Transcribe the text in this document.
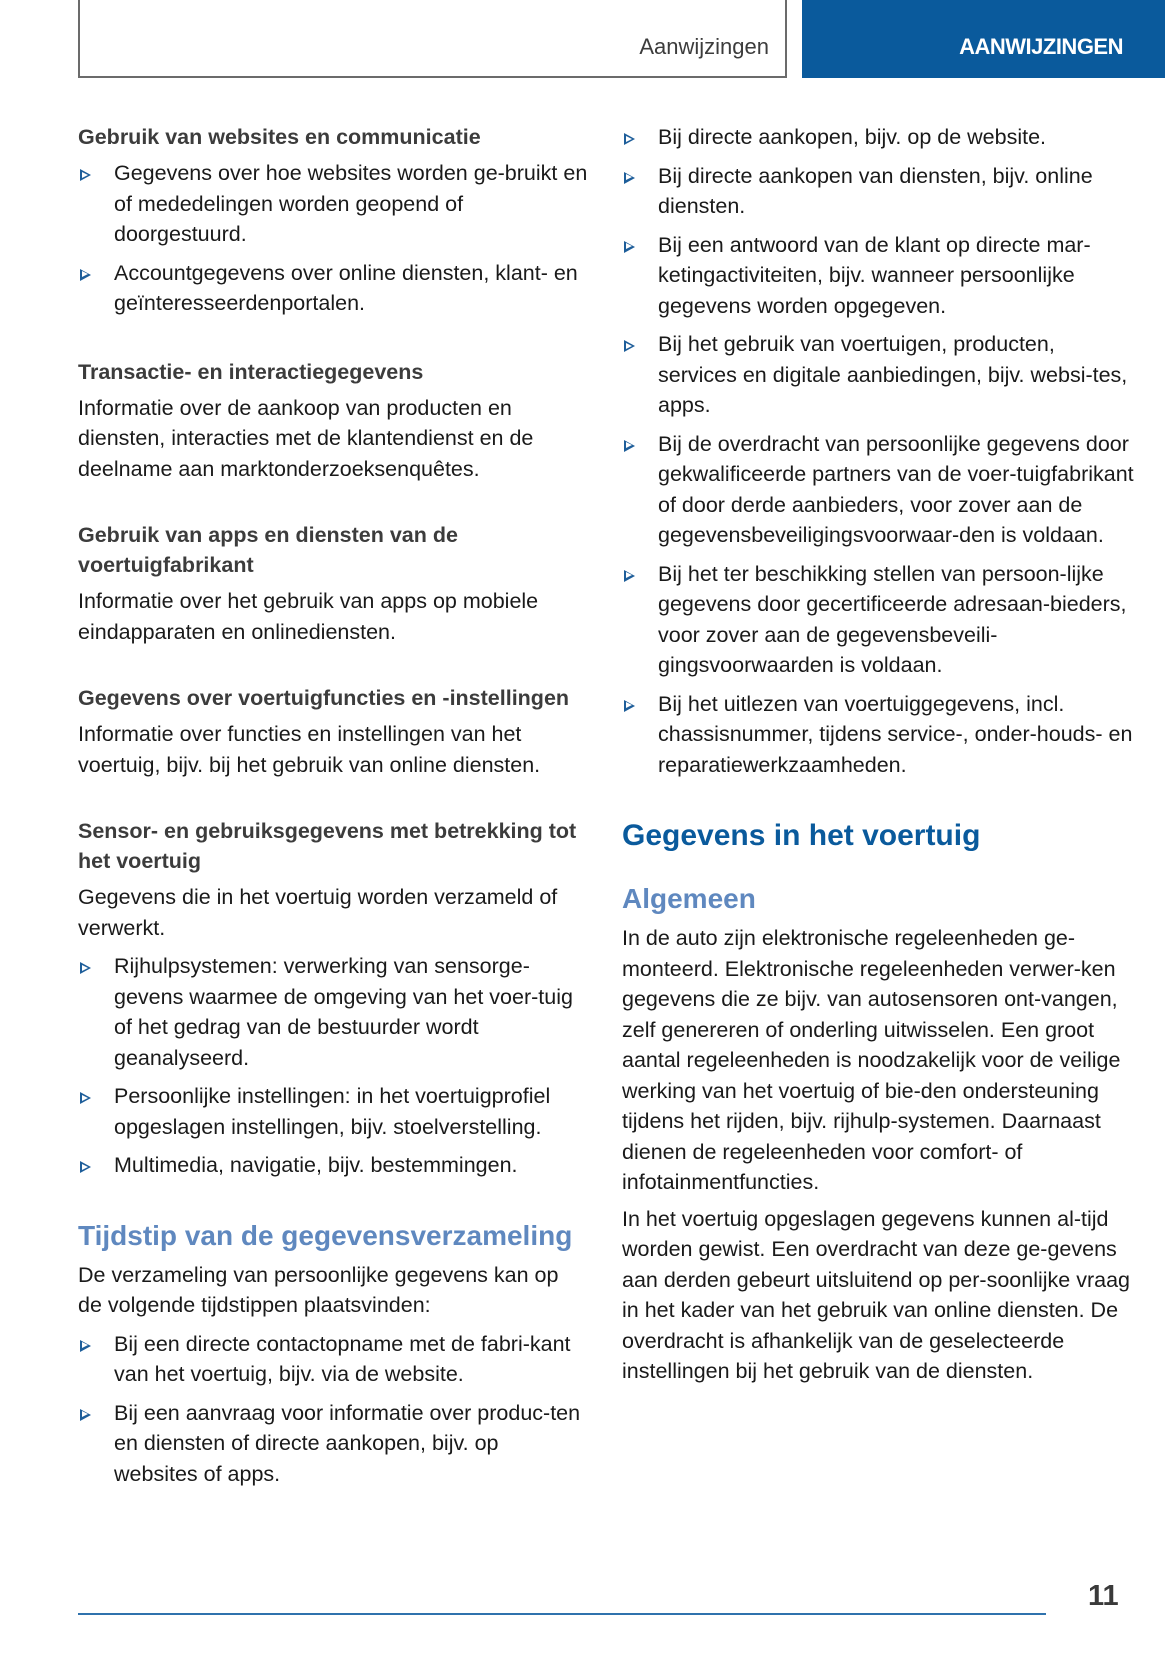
Aanwijzingen	AANWIJZINGEN
Gebruik van websites en communicatie
Gegevens over hoe websites worden ge-bruikt en of mededelingen worden geopend of doorgestuurd.
Accountgegevens over online diensten, klant- en geïnteresseerdenportalen.
Transactie- en interactiegegevens

Informatie over de aankoop van producten en diensten, interacties met de klantendienst en de deelname aan marktonderzoeksenquêtes.

Gebruik van apps en diensten van de voertuigfabrikant

Informatie over het gebruik van apps op mobiele eindapparaten en onlinediensten.

Gegevens over voertuigfuncties en -instellingen

Informatie over functies en instellingen van het voertuig, bijv. bij het gebruik van online diensten.

Sensor- en gebruiksgegevens met betrekking tot het voertuig

Gegevens die in het voertuig worden verzameld of verwerkt.

Rijhulpsystemen: verwerking van sensorge-gevens waarmee de omgeving van het voer-tuig of het gedrag van de bestuurder wordt geanalyseerd.
Persoonlijke instellingen: in het voertuigprofiel opgeslagen instellingen, bijv. stoelverstelling.
Multimedia, navigatie, bijv. bestemmingen.
Tijdstip van de gegevensverzameling

De verzameling van persoonlijke gegevens kan op de volgende tijdstippen plaatsvinden:

Bij een directe contactopname met de fabri-kant van het voertuig, bijv. via de website.
Bij een aanvraag voor informatie over produc-ten en diensten of directe aankopen, bijv. op websites of apps.
Bij directe aankopen, bijv. op de website.
Bij directe aankopen van diensten, bijv. online diensten.
Bij een antwoord van de klant op directe mar-ketingactiviteiten, bijv. wanneer persoonlijke gegevens worden opgegeven.
Bij het gebruik van voertuigen, producten, services en digitale aanbiedingen, bijv. websi-tes, apps.
Bij de overdracht van persoonlijke gegevens door gekwalificeerde partners van de voer-tuigfabrikant of door derde aanbieders, voor zover aan de gegevensbeveiligingsvoorwaar-den is voldaan.
Bij het ter beschikking stellen van persoon-lijke gegevens door gecertificeerde adresaan-bieders, voor zover aan de gegevensbeveili-gingsvoorwaarden is voldaan.
Bij het uitlezen van voertuiggegevens, incl. chassisnummer, tijdens service-, onder-houds- en reparatiewerkzaamheden.
Gegevens in het voertuig
Algemeen

In de auto zijn elektronische regeleenheden ge-monteerd. Elektronische regeleenheden verwer-ken gegevens die ze bijv. van autosensoren ont-vangen, zelf genereren of onderling uitwisselen. Een groot aantal regeleenheden is noodzakelijk voor de veilige werking van het voertuig of bie-den ondersteuning tijdens het rijden, bijv. rijhulp-systemen. Daarnaast dienen de regeleenheden voor comfort- of infotainmentfuncties.

In het voertuig opgeslagen gegevens kunnen al-tijd worden gewist. Een overdracht van deze ge-gevens aan derden gebeurt uitsluitend op per-soonlijke vraag in het kader van het gebruik van online diensten. De overdracht is afhankelijk van de geselecteerde instellingen bij het gebruik van de diensten.

11
